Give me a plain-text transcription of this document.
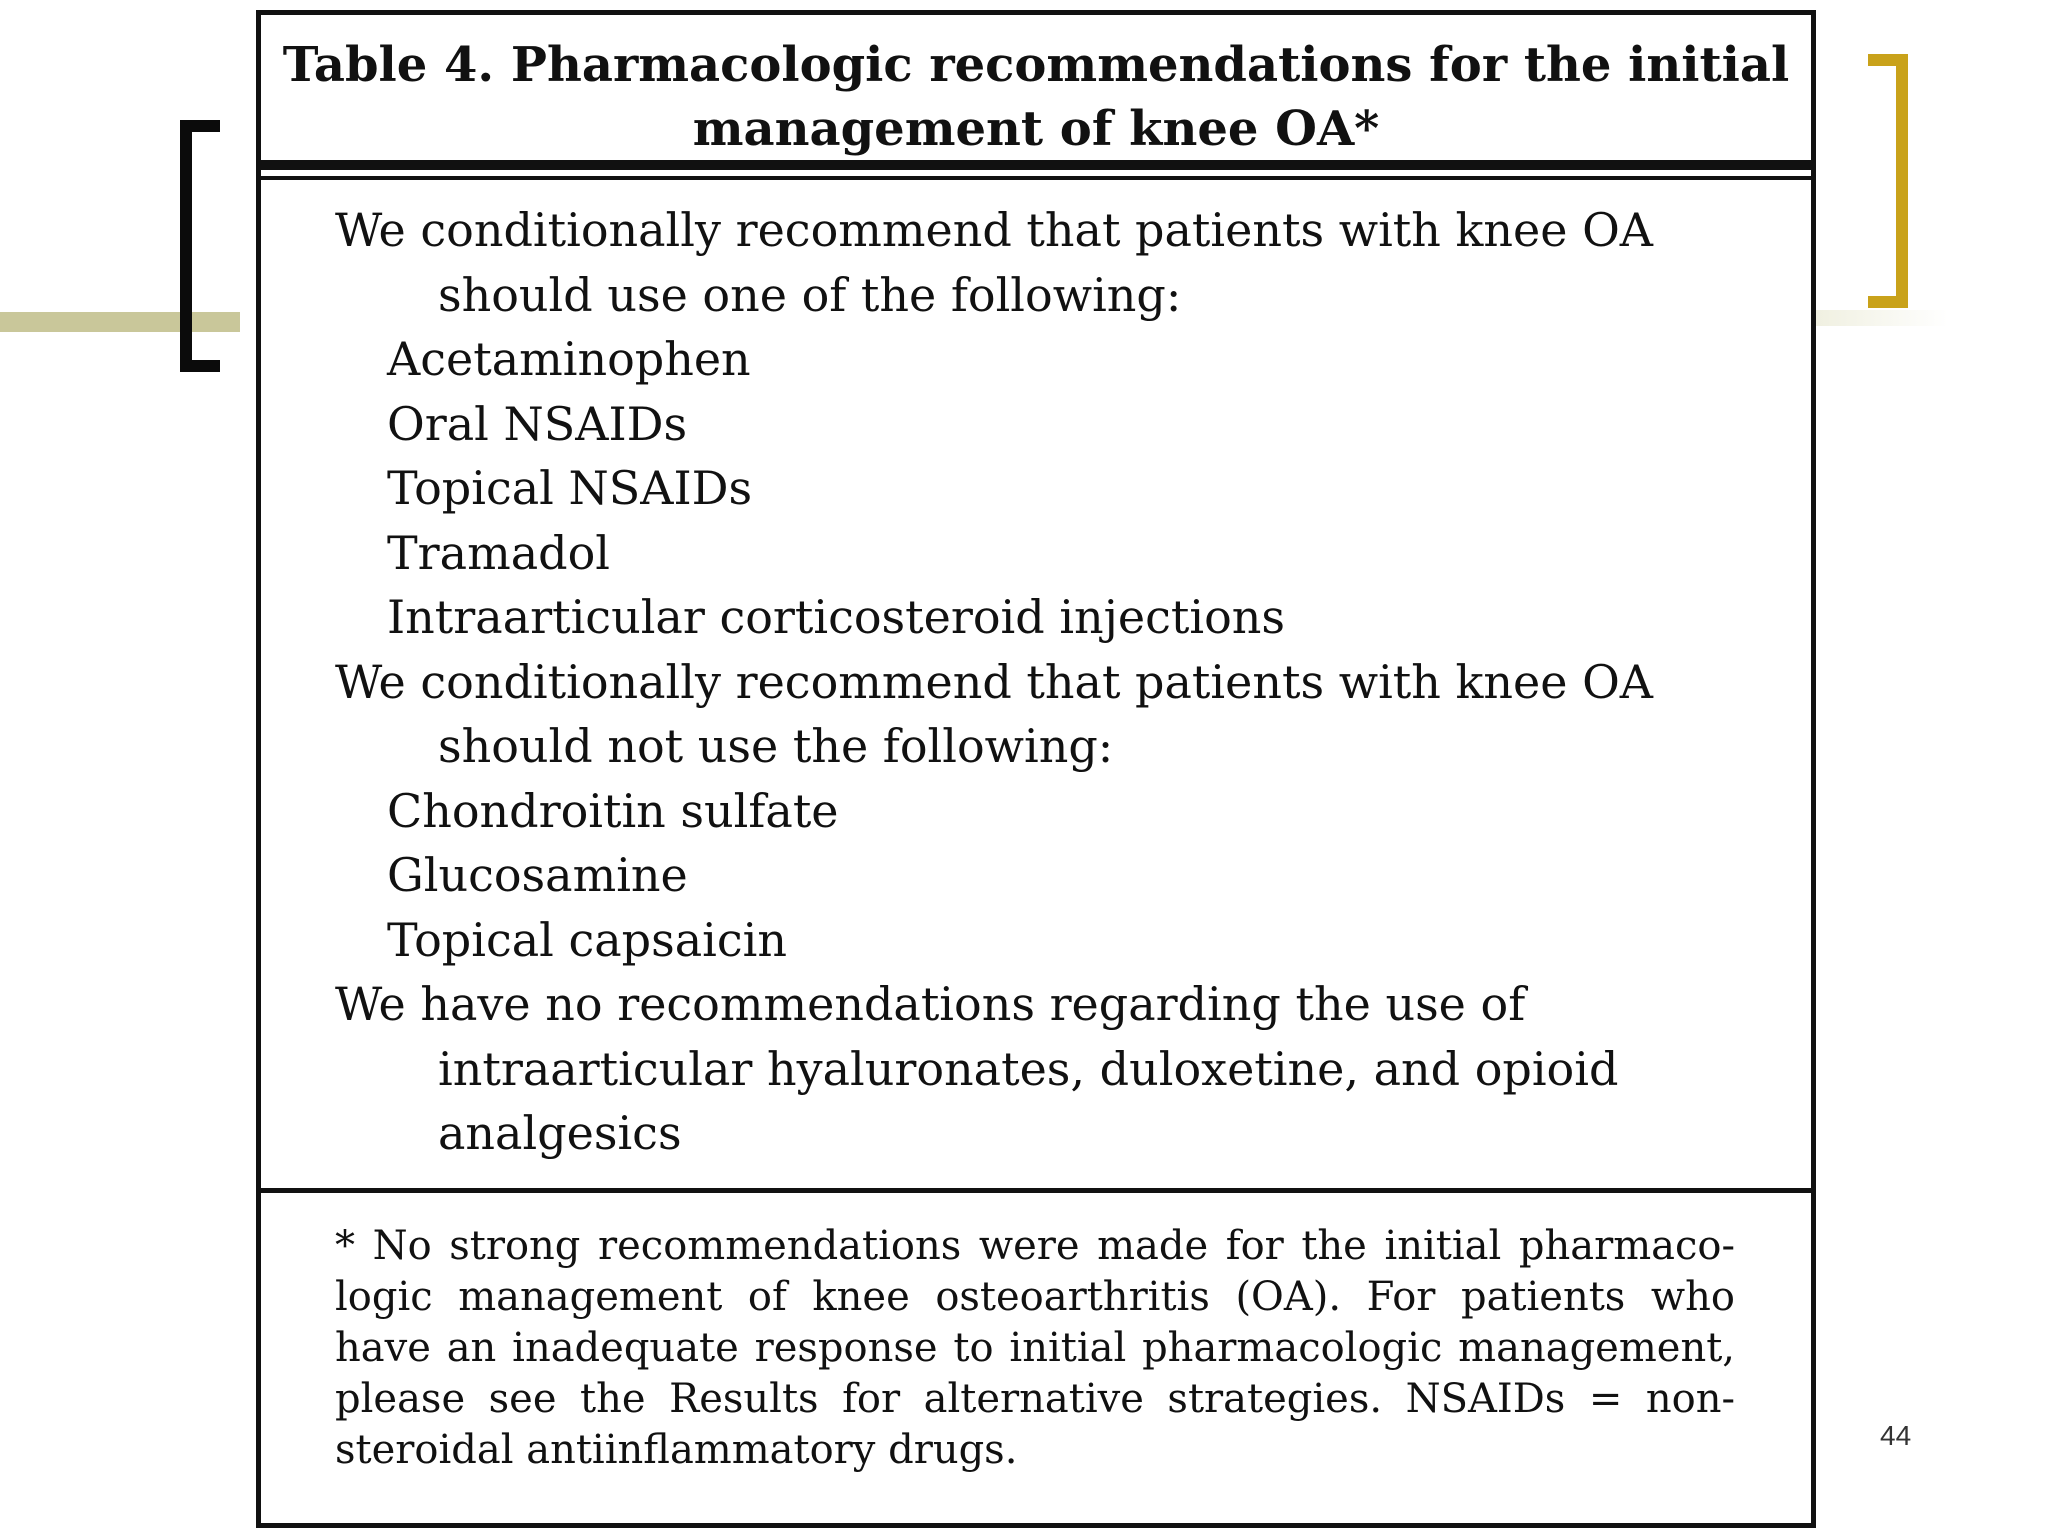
Table 4. Pharmacologic recommendations for the initial
management of knee OA*

We conditionally recommend that patients with knee OA
should use one of the following:

Acetaminophen
Oral NSAIDs
Topical NSAIDs
Tramadol
Intraarticular corticosteroid injections

We conditionally recommend that patients with knee OA
should not use the following:

Chondroitin sulfate
Glucosamine
Topical capsaicin

We have no recommendations regarding the use of
intraarticular hyaluronates, duloxetine, and opioid
analgesics

* No strong recommendations were made for the initial pharmaco-
logic management of knee osteoarthritis (OA). For patients who
have an inadequate response to initial pharmacologic management,
please see the Results for alternative strategies. NSAIDs = non-
steroidal antiinflammatory drugs.	44
